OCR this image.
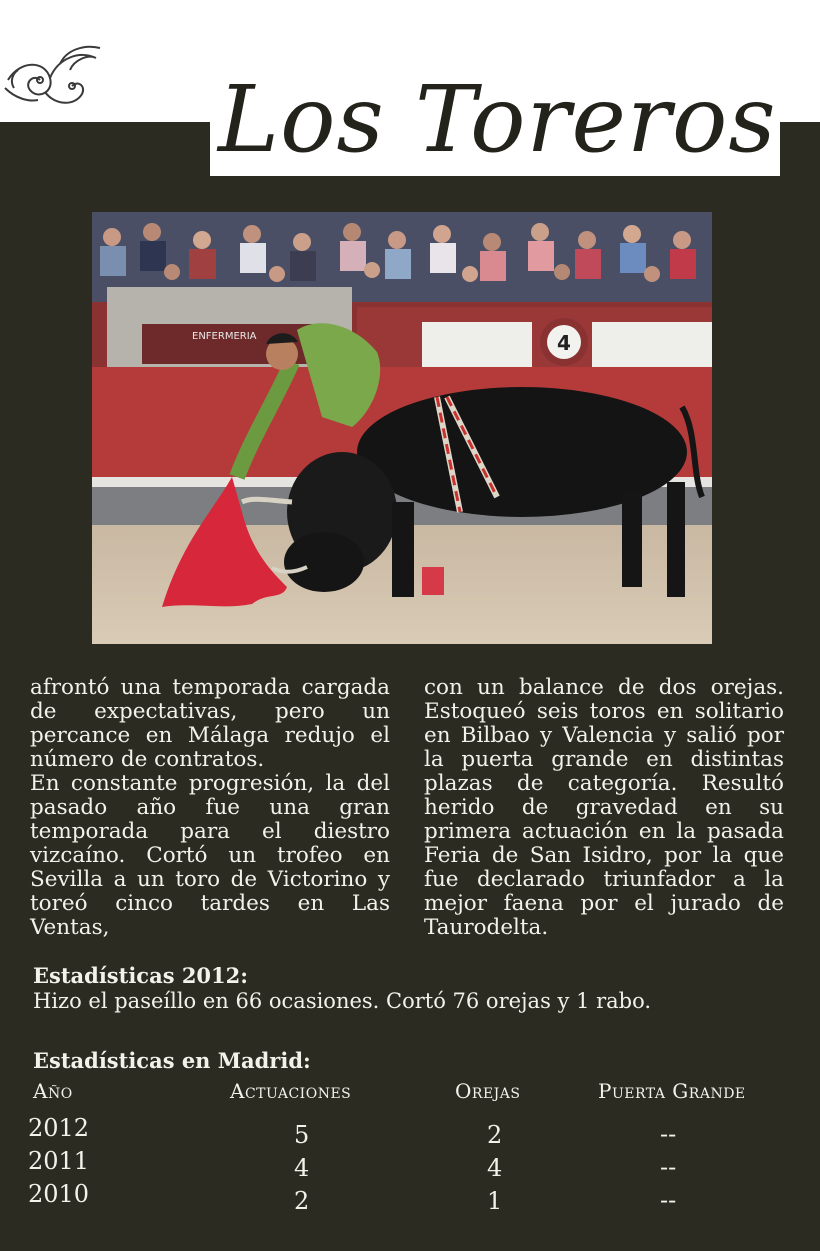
Los Toreros
ENFERMERIA	4

afrontó una temporada cargada de expectativas, pero un percance en Málaga redujo el número de contratos.

En constante progresión, la del pasado año fue una gran temporada para el diestro vizcaíno. Cortó un trofeo en Sevilla a un toro de Victorino y toreó cinco tardes en Las Ventas,

con un balance de dos orejas. Estoqueó seis toros en solitario en Bilbao y Valencia y salió por la puerta grande en distintas plazas de categoría. Resultó herido de gravedad en su primera actuación en la pasada Feria de San Isidro, por la que fue declarado triunfador a la mejor faena por el jurado de Taurodelta.

Estadísticas 2012:
Hizo el paseíllo en 66 ocasiones. Cortó 76 orejas y 1 rabo.
Estadísticas en Madrid:
Año	Actuaciones	Orejas	Puerta Grande
2012	5	2	--
2011	4	4	--
2010	2	1	--
